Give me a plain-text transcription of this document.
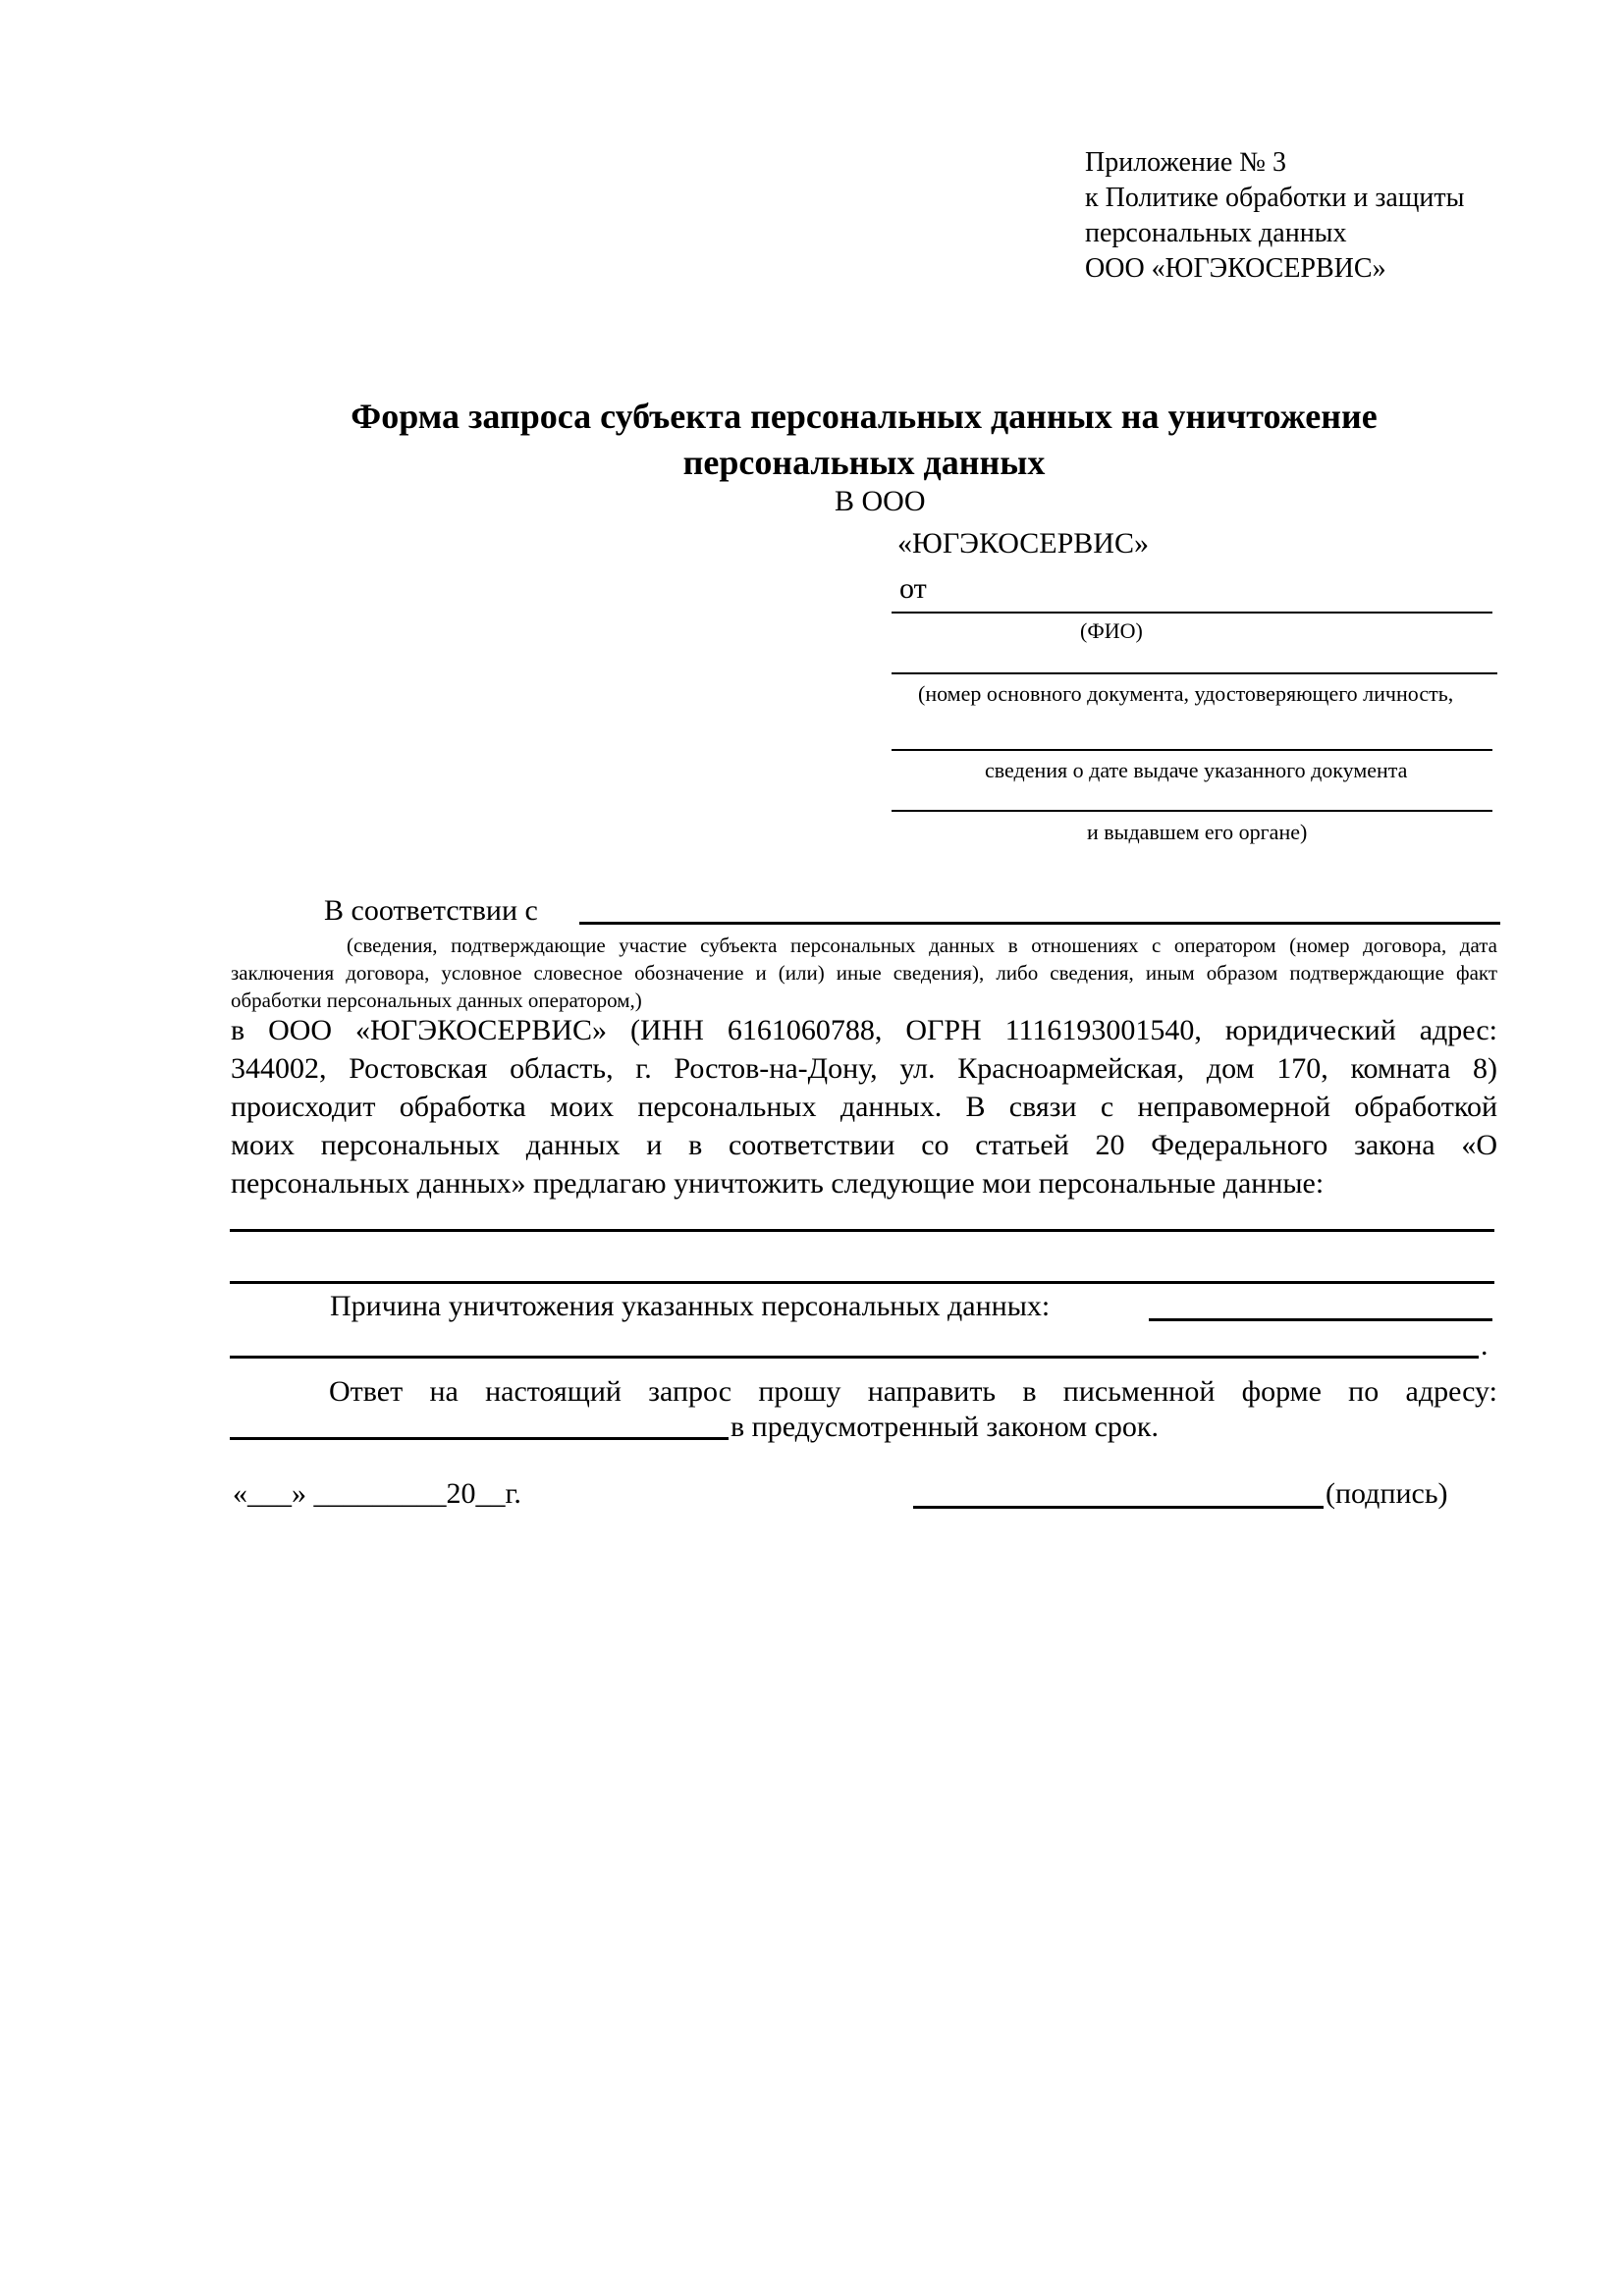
Приложение № 3
к Политике обработки и защиты
персональных данных
ООО «ЮГЭКОСЕРВИС»
Форма запроса субъекта персональных данных на уничтожение
персональных данных
В ООО
«ЮГЭКОСЕРВИС»
от
(ФИО)
(номер основного документа, удостоверяющего личность,
сведения о дате выдаче указанного документа
и выдавшем его органе)
В соответствии с
(сведения, подтверждающие участие субъекта персональных данных в отношениях с оператором (номер договора, дата
заключения договора, условное словесное обозначение и (или) иные сведения), либо сведения, иным образом подтверждающие факт
обработки персональных данных оператором,)
в ООО «ЮГЭКОСЕРВИС» (ИНН 6161060788, ОГРН 1116193001540, юридический адрес:
344002, Ростовская область, г. Ростов-на-Дону, ул. Красноармейская, дом 170, комната 8)
происходит обработка моих персональных данных. В связи с неправомерной обработкой
моих персональных данных и в соответствии со статьей 20 Федерального закона «О
персональных данных» предлагаю уничтожить следующие мои персональные данные:
Причина уничтожения указанных персональных данных:
.
Ответ на настоящий запрос прошу направить в письменной форме по адресу:
в предусмотренный законом срок.
«___» _________20__г.	(подпись)
